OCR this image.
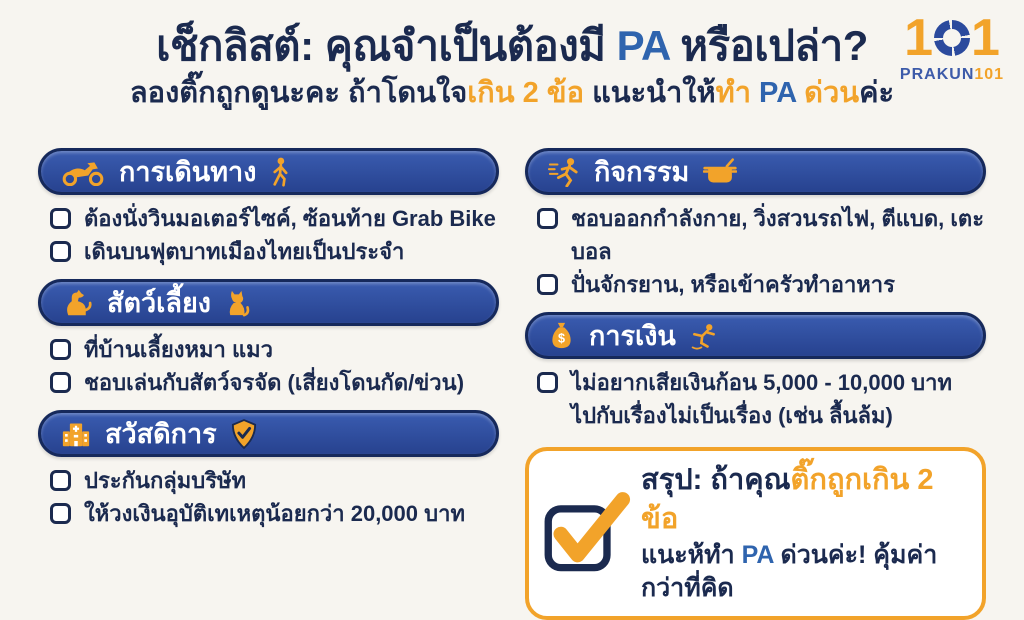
1 1
PRAKUN101
เช็กลิสต์: คุณจำเป็นต้องมี PA หรือเปล่า?
ลองติ๊กถูกดูนะคะ ถ้าโดนใจเกิน 2 ข้อ แนะนำให้ทำ PA ด่วนค่ะ
การเดินทาง
ต้องนั่งวินมอเตอร์ไซค์, ซ้อนท้าย Grab Bike
เดินบนฟุตบาทเมืองไทยเป็นประจำ
สัตว์เลี้ยง
ที่บ้านเลี้ยงหมา แมว
ชอบเล่นกับสัตว์จรจัด (เสี่ยงโดนกัด/ข่วน)
สวัสดิการ
ประกันกลุ่มบริษัท
ให้วงเงินอุบัติเทเหตุน้อยกว่า 20,000 บาท
กิจกรรม
ชอบออกกำลังกาย, วิ่งสวนรถไฟ, ตีแบด, เตะบอล
ปั่นจักรยาน, หรือเข้าครัวทำอาหาร
$ การเงิน
ไม่อยากเสียเงินก้อน 5,000 - 10,000 บาท
ไปกับเรื่องไม่เป็นเรื่อง (เช่น ลื้นล้ม)
สรุป: ถ้าคุณติ๊กถูกเกิน 2 ข้อ
แนะห้ทำ PA ด่วนค่ะ! คุ้มค่ากว่าที่คิด
